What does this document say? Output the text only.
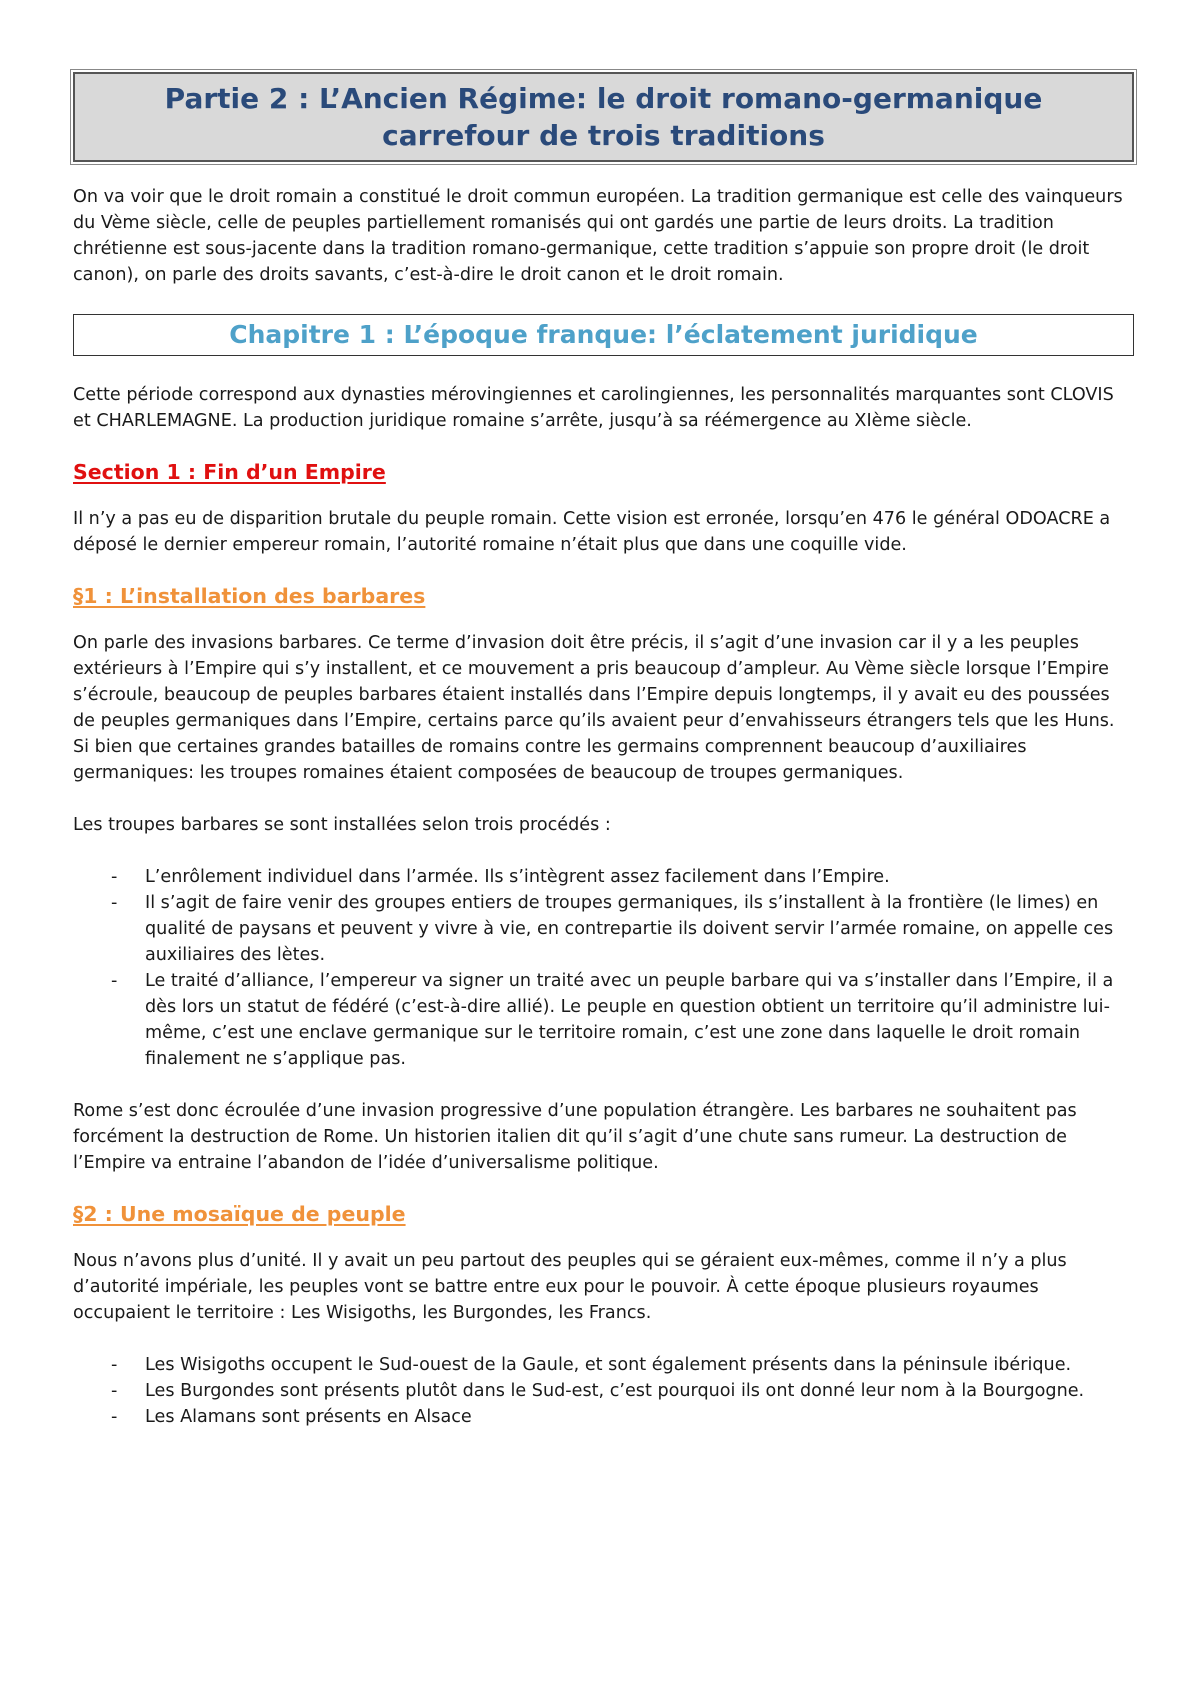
Partie 2 : L’Ancien Régime: le droit romano-germanique
carrefour de trois traditions

On va voir que le droit romain a constitué le droit commun européen. La tradition germanique est celle des vainqueurs du Vème siècle, celle de peuples partiellement romanisés qui ont gardés une partie de leurs droits. La tradition chrétienne est sous-jacente dans la tradition romano-germanique, cette tradition s’appuie son propre droit (le droit canon), on parle des droits savants, c’est-à-dire le droit canon et le droit romain.

Chapitre 1 : L’époque franque: l’éclatement juridique

Cette période correspond aux dynasties mérovingiennes et carolingiennes, les personnalités marquantes sont CLOVIS et CHARLEMAGNE. La production juridique romaine s’arrête, jusqu’à sa réémergence au XIème siècle.

Section 1 : Fin d’un Empire

Il n’y a pas eu de disparition brutale du peuple romain. Cette vision est erronée, lorsqu’en 476 le général ODOACRE a déposé le dernier empereur romain, l’autorité romaine n’était plus que dans une coquille vide.

§1 : L’installation des barbares

On parle des invasions barbares. Ce terme d’invasion doit être précis, il s’agit d’une invasion car il y a les peuples extérieurs à l’Empire qui s’y installent, et ce mouvement a pris beaucoup d’ampleur. Au Vème siècle lorsque l’Empire s’écroule, beaucoup de peuples barbares étaient installés dans l’Empire depuis longtemps, il y avait eu des poussées de peuples germaniques dans l’Empire, certains parce qu’ils avaient peur d’envahisseurs étrangers tels que les Huns. Si bien que certaines grandes batailles de romains contre les germains comprennent beaucoup d’auxiliaires germaniques: les troupes romaines étaient composées de beaucoup de troupes germaniques.

Les troupes barbares se sont installées selon trois procédés :

- L’enrôlement individuel dans l’armée. Ils s’intègrent assez facilement dans l’Empire.
- Il s’agit de faire venir des groupes entiers de troupes germaniques, ils s’installent à la frontière (le limes) en qualité de paysans et peuvent y vivre à vie, en contrepartie ils doivent servir l’armée romaine, on appelle ces auxiliaires des lètes.
- Le traité d’alliance, l’empereur va signer un traité avec un peuple barbare qui va s’installer dans l’Empire, il a dès lors un statut de fédéré (c’est-à-dire allié). Le peuple en question obtient un territoire qu’il administre lui-même, c’est une enclave germanique sur le territoire romain, c’est une zone dans laquelle le droit romain finalement ne s’applique pas.

Rome s’est donc écroulée d’une invasion progressive d’une population étrangère. Les barbares ne souhaitent pas forcément la destruction de Rome. Un historien italien dit qu’il s’agit d’une chute sans rumeur. La destruction de l’Empire va entraine l’abandon de l’idée d’universalisme politique.

§2 : Une mosaïque de peuple

Nous n’avons plus d’unité. Il y avait un peu partout des peuples qui se géraient eux-mêmes, comme il n’y a plus d’autorité impériale, les peuples vont se battre entre eux pour le pouvoir. À cette époque plusieurs royaumes occupaient le territoire : Les Wisigoths, les Burgondes, les Francs.

- Les Wisigoths occupent le Sud-ouest de la Gaule, et sont également présents dans la péninsule ibérique.
- Les Burgondes sont présents plutôt dans le Sud-est, c’est pourquoi ils ont donné leur nom à la Bourgogne.
- Les Alamans sont présents en Alsace
